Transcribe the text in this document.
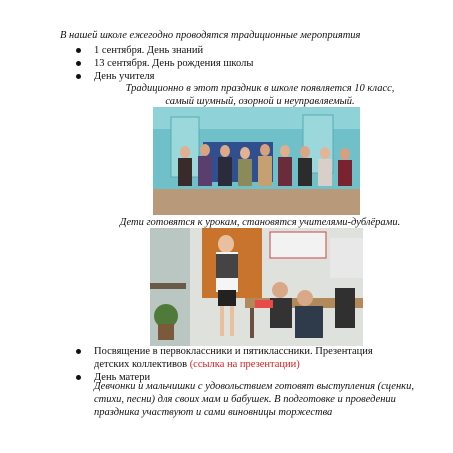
В нашей школе ежегодно проводятся традиционные мероприятия
1 сентября. День знаний
13 сентября. День рождения школы
День учителя
Традиционно в этот праздник в школе появляется 10 класс,
самый шумный, озорной и неуправляемый.
Дети готовятся к урокам, становятся учителями-дублёрами.
Посвящение в первоклассники и пятиклассники. Презентация
детских коллективов (ссылка на презентации)
День матери
Девчонки и мальчишки с удовольствием готовят выступления (сценки, стихи, песни) для своих мам и бабушек. В подготовке и проведении праздника участвуют и сами виновницы торжества
